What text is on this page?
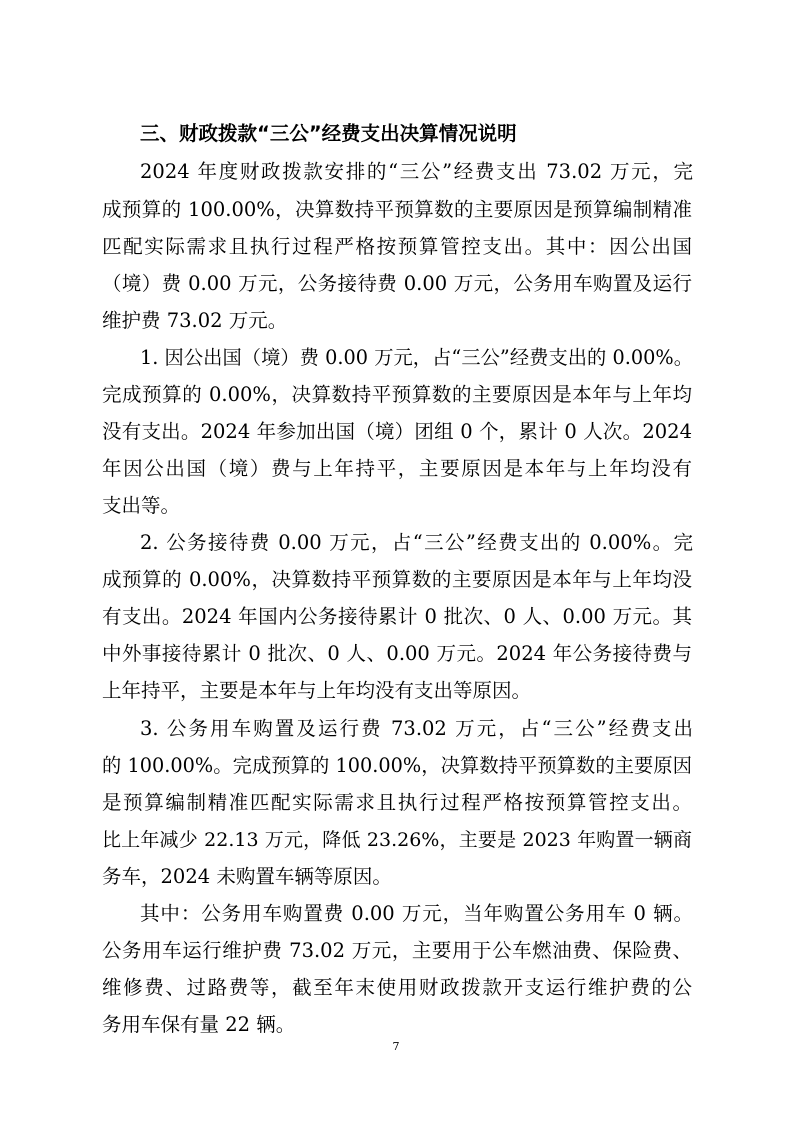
三、财政拨款“三公”经费支出决算情况说明
2024 年度财政拨款安排的“三公”经费支出 73.02 万元，完
成预算的 100.00%，决算数持平预算数的主要原因是预算编制精准
匹配实际需求且执行过程严格按预算管控支出。其中：因公出国
（境）费 0.00 万元，公务接待费 0.00 万元，公务用车购置及运行
维护费 73.02 万元。
1. 因公出国（境）费 0.00 万元，占“三公”经费支出的 0.00%。
完成预算的 0.00%，决算数持平预算数的主要原因是本年与上年均
没有支出。2024 年参加出国（境）团组 0 个，累计 0 人次。2024
年因公出国（境）费与上年持平，主要原因是本年与上年均没有
支出等。
2. 公务接待费 0.00 万元，占“三公”经费支出的 0.00%。完
成预算的 0.00%，决算数持平预算数的主要原因是本年与上年均没
有支出。2024 年国内公务接待累计 0 批次、0 人、0.00 万元。其
中外事接待累计 0 批次、0 人、0.00 万元。2024 年公务接待费与
上年持平，主要是本年与上年均没有支出等原因。
3. 公务用车购置及运行费 73.02 万元，占“三公”经费支出
的 100.00%。完成预算的 100.00%，决算数持平预算数的主要原因
是预算编制精准匹配实际需求且执行过程严格按预算管控支出。
比上年减少 22.13 万元，降低 23.26%，主要是 2023 年购置一辆商
务车，2024 未购置车辆等原因。
其中：公务用车购置费 0.00 万元，当年购置公务用车 0 辆。
公务用车运行维护费 73.02 万元，主要用于公车燃油费、保险费、
维修费、过路费等，截至年末使用财政拨款开支运行维护费的公
务用车保有量 22 辆。
7
